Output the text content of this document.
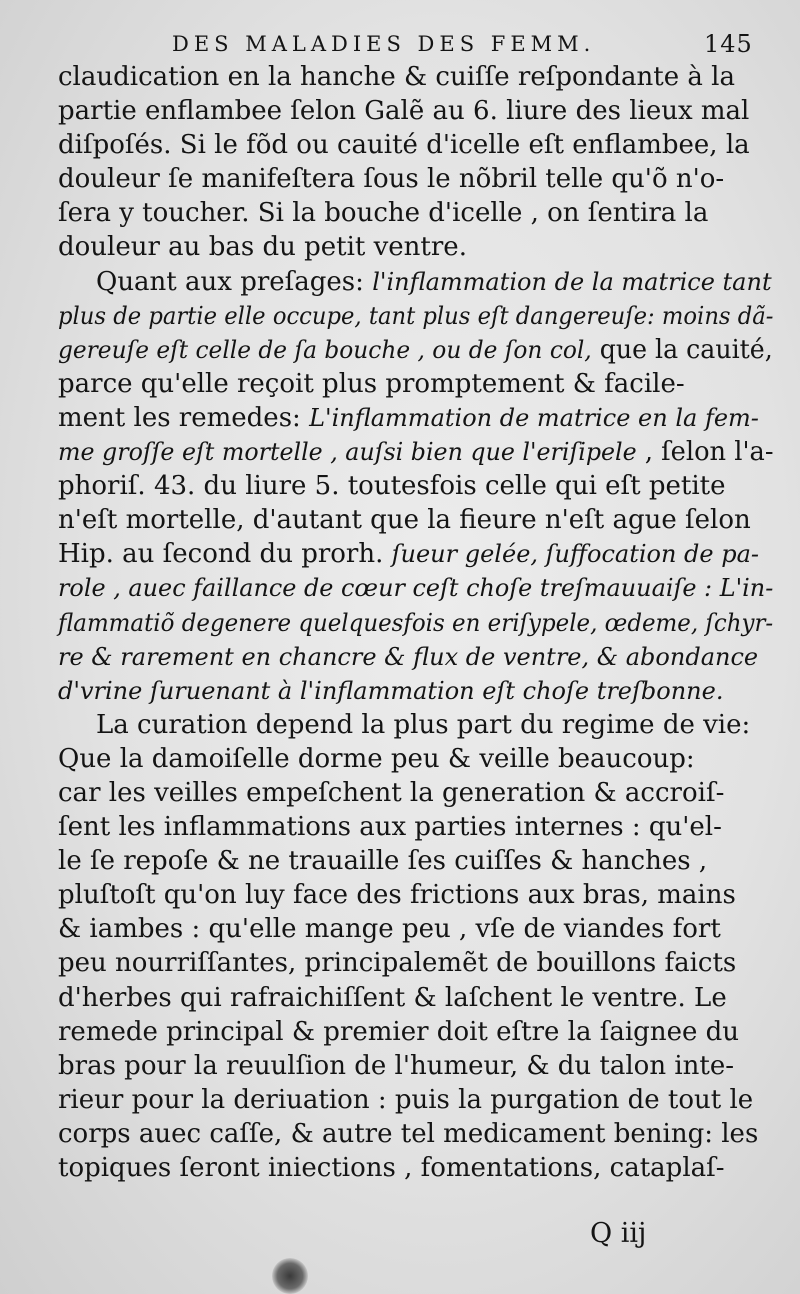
DES MALADIES DES FEMM.	145
claudication en la hanche & cuiſſe reſpondante à la
partie enflambee ſelon Galẽ au 6. liure des lieux mal
diſpoſés. Si le fõd ou cauité d'icelle eſt enflambee, la
douleur ſe manifeſtera ſous le nõbril telle qu'õ n'o-
ſera y toucher. Si la bouche d'icelle , on ſentira la
douleur au bas du petit ventre.
Quant aux preſages: l'inflammation de la matrice tant
plus de partie elle occupe, tant plus eſt dangereuſe: moins dã-
gereuſe eſt celle de ſa bouche , ou de ſon col, que la cauité,
parce qu'elle reçoit plus promptement & facile-
ment les remedes: L'inflammation de matrice en la fem-
me groſſe eſt mortelle , auſsi bien que l'eriſipele , ſelon l'a-
phoriſ. 43. du liure 5. toutesfois celle qui eſt petite
n'eſt mortelle, d'autant que la fieure n'eſt ague ſelon
Hip. au ſecond du prorh. ſueur gelée, ſuffocation de pa-
role , auec faillance de cœur ceſt choſe treſmauuaiſe : L'in-
flammatiõ degenere quelquesfois en eriſypele, œdeme, ſchyr-
re & rarement en chancre & flux de ventre, & abondance
d'vrine ſuruenant à l'inflammation eſt choſe treſbonne.
La curation depend la plus part du regime de vie:
Que la damoiſelle dorme peu & veille beaucoup:
car les veilles empeſchent la generation & accroiſ-
ſent les inflammations aux parties internes : qu'el-
le ſe repoſe & ne trauaille ſes cuiſſes & hanches ,
pluſtoſt qu'on luy face des frictions aux bras, mains
& iambes : qu'elle mange peu , vſe de viandes fort
peu nourriſſantes, principalemẽt de bouillons faicts
d'herbes qui rafraichiſſent & laſchent le ventre. Le
remede principal & premier doit eſtre la ſaignee du
bras pour la reuulſion de l'humeur, & du talon inte-
rieur pour la deriuation : puis la purgation de tout le
corps auec caſſe, & autre tel medicament bening: les
topiques ſeront iniections , fomentations, cataplaſ-
Q iij
